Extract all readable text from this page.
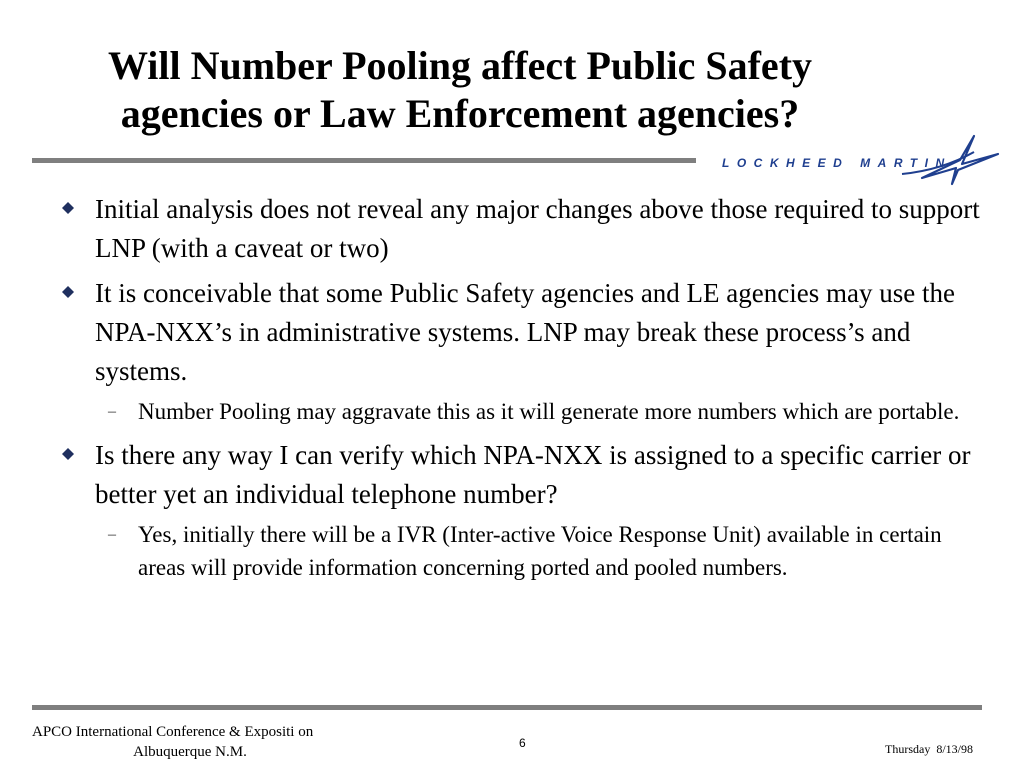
Will Number Pooling affect Public Safety
agencies or Law Enforcement agencies?
LOCKHEED MARTIN
Initial analysis does not reveal any major changes above those required to support LNP (with a caveat or two)
It is conceivable that some Public Safety agencies and LE agencies may use the NPA-NXX’s in administrative systems. LNP may break these process’s and systems.
– Number Pooling may aggravate this as it will generate more numbers which are portable.
Is there any way I can verify which NPA-NXX is assigned to a specific carrier or better yet an individual telephone number?
– Yes, initially there will be a IVR (Inter-active Voice Response Unit) available in certain areas will provide information concerning ported and pooled numbers.
APCO International Conference & Expositi on
Albuquerque N.M.
6	Thursday  8/13/98
